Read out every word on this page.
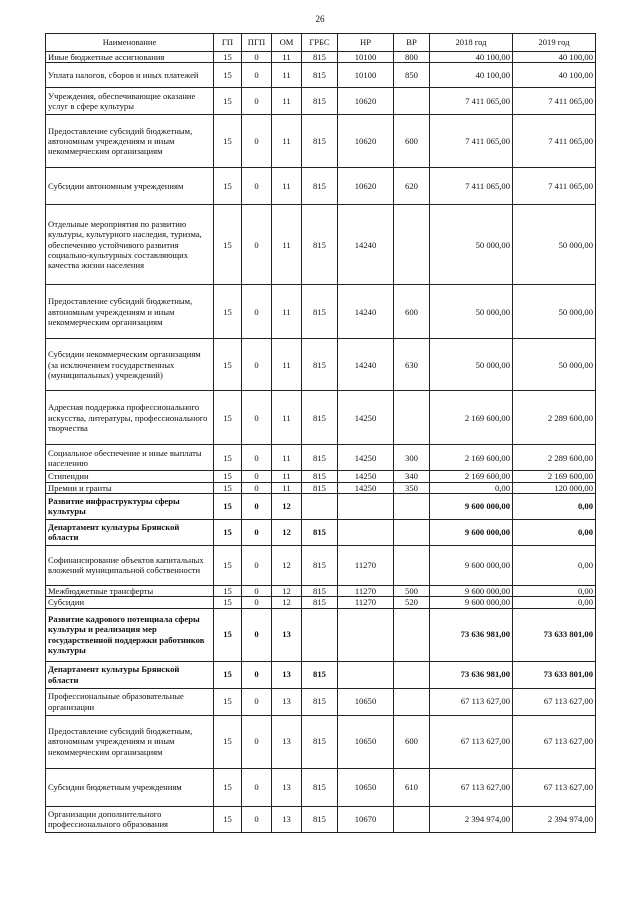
26
Наименование	ГП	ПГП	ОМ	ГРБС	НР	ВР	2018 год	2019 год
Иные бюджетные ассигнования	15	0	11	815	10100	800	40 100,00	40 100,00
Уплата налогов, сборов и иных платежей	15	0	11	815	10100	850	40 100,00	40 100,00
Учреждения, обеспечивающие оказание услуг в сфере культуры	15	0	11	815	10620		7 411 065,00	7 411 065,00
Предоставление субсидий бюджетным, автономным учреждениям и иным некоммерческим организациям	15	0	11	815	10620	600	7 411 065,00	7 411 065,00
Субсидии автономным учреждениям	15	0	11	815	10620	620	7 411 065,00	7 411 065,00
Отдельные мероприятия по развитию культуры, культурного наследия, туризма, обеспечению устойчивого развития социально-культурных составляющих качества жизни населения	15	0	11	815	14240		50 000,00	50 000,00
Предоставление субсидий бюджетным, автономным учреждениям и иным некоммерческим организациям	15	0	11	815	14240	600	50 000,00	50 000,00
Субсидии некоммерческим организациям (за исключением государственных (муниципальных) учреждений)	15	0	11	815	14240	630	50 000,00	50 000,00
Адресная поддержка профессионального искусства, литературы, профессионального творчества	15	0	11	815	14250		2 169 600,00	2 289 600,00
Социальное обеспечение и иные выплаты населению	15	0	11	815	14250	300	2 169 600,00	2 289 600,00
Стипендии	15	0	11	815	14250	340	2 169 600,00	2 169 600,00
Премии и гранты	15	0	11	815	14250	350	0,00	120 000,00
Развитие инфраструктуры сферы культуры	15	0	12				9 600 000,00	0,00
Департамент культуры Брянской области	15	0	12	815			9 600 000,00	0,00
Софинансирование объектов капитальных вложений муниципальной собственности	15	0	12	815	11270		9 600 000,00	0,00
Межбюджетные трансферты	15	0	12	815	11270	500	9 600 000,00	0,00
Субсидии	15	0	12	815	11270	520	9 600 000,00	0,00
Развитие кадрового потенциала сферы культуры и реализация мер государственной поддержки работников культуры	15	0	13				73 636 981,00	73 633 801,00
Департамент культуры Брянской области	15	0	13	815			73 636 981,00	73 633 801,00
Профессиональные образовательные организации	15	0	13	815	10650		67 113 627,00	67 113 627,00
Предоставление субсидий бюджетным, автономным учреждениям и иным некоммерческим организациям	15	0	13	815	10650	600	67 113 627,00	67 113 627,00
Субсидии бюджетным учреждениям	15	0	13	815	10650	610	67 113 627,00	67 113 627,00
Организации дополнительного профессионального образования	15	0	13	815	10670		2 394 974,00	2 394 974,00
